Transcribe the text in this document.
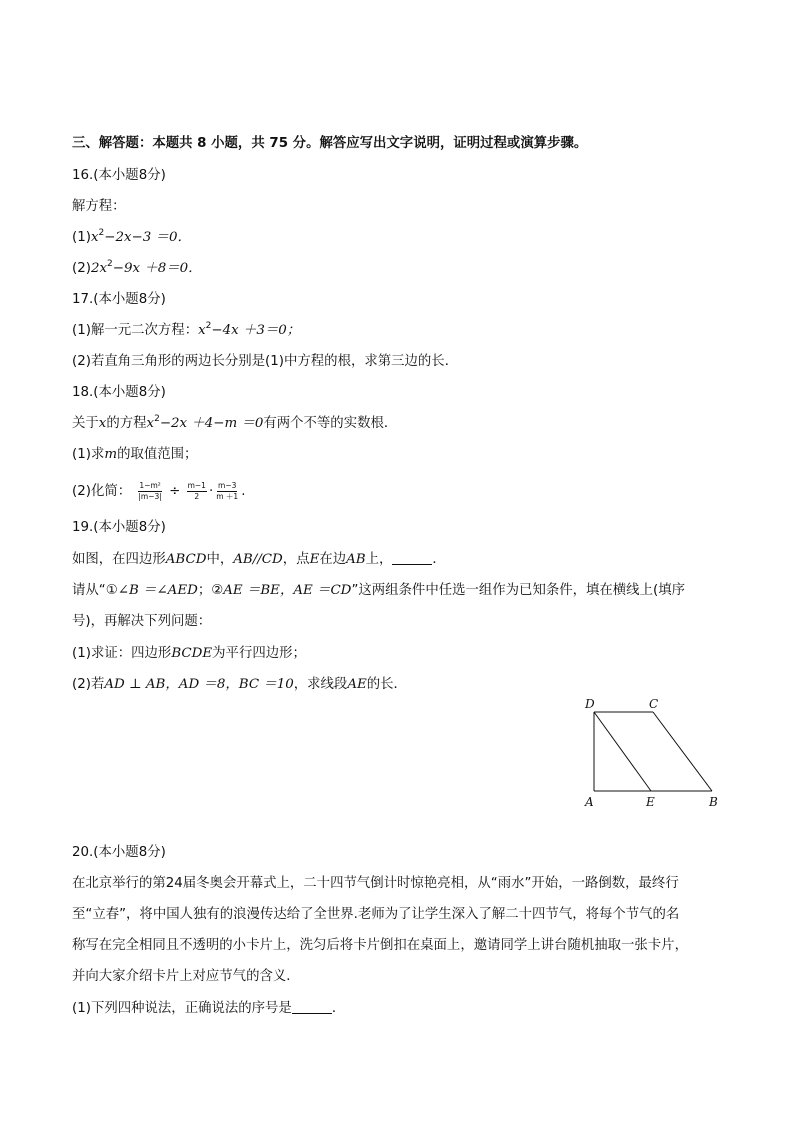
三、解答题：本题共 8 小题，共 75 分。解答应写出文字说明，证明过程或演算步骤。
16.(本小题8分)
解方程：
$(1)x^2-2x-3 =0$．
$(2)2x^2-9x +8=0$．
17.(本小题8分)
(1)解一元二次方程：$x^2-4x +3=0$；
(2)若直角三角形的两边长分别是(1)中方程的根，求第三边的长．
18.(本小题8分)
关于x的方程$x^2-2x +4-m =0$有两个不等的实数根．
(1)求m的取值范围；
(2)化简： $\frac{\text{1−m²}}{|m-3|} \div \frac{m-1}{2} \cdot \frac{m-3}{m +1}$ .
19.(本小题8分)
如图，在四边形ABCD中，AB//CD，点E在边AB上，	．
请从“①∠B ＝∠AED；②AE ＝BE，AE ＝CD”这两组条件中任选一组作为已知条件，填在横线上(填序
号)，再解决下列问题：
(1)求证：四边形BCDE为平行四边形；
(2)若AD ⊥ AB，AD ＝8，BC ＝10，求线段AE的长．
D	C
A	E	B
20.(本小题8分)
在北京举行的第24届冬奥会开幕式上，二十四节气倒计时惊艳亮相，从“雨水”开始，一路倒数，最终行
至“立春”，将中国人独有的浪漫传达给了全世界.老师为了让学生深入了解二十四节气，将每个节气的名
称写在完全相同且不透明的小卡片上，洗匀后将卡片倒扣在桌面上，邀请同学上讲台随机抽取一张卡片，
并向大家介绍卡片上对应节气的含义．
(1)下列四种说法，正确说法的序号是	．
